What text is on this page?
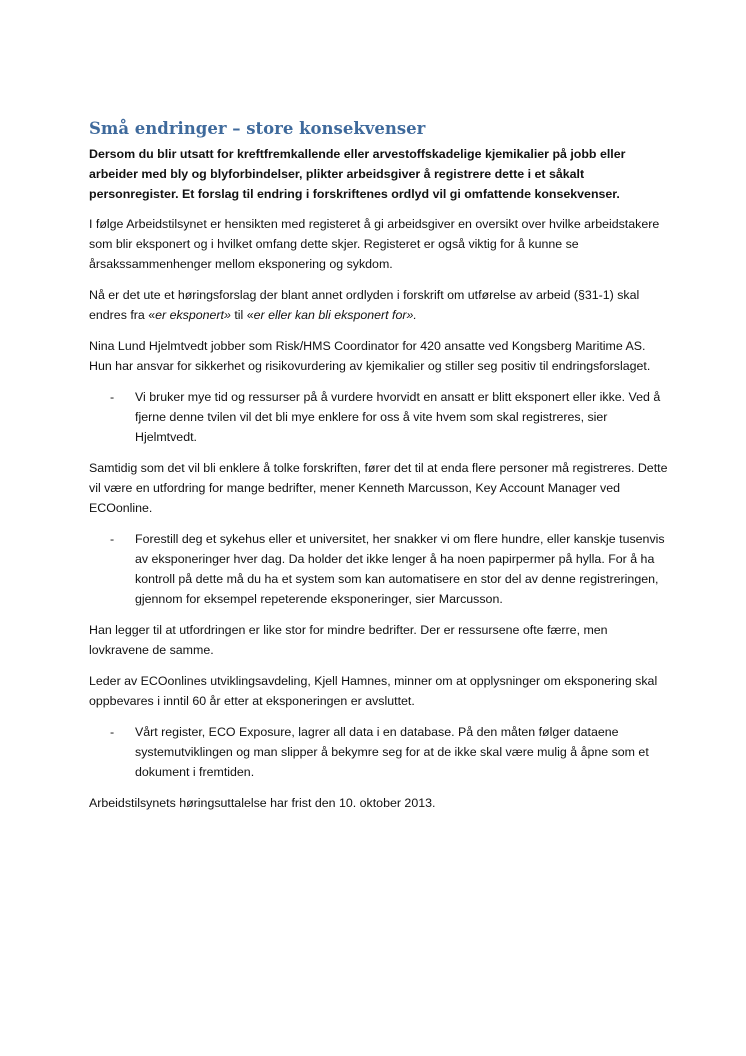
Små endringer – store konsekvenser

Dersom du blir utsatt for kreftfremkallende eller arvestoffskadelige kjemikalier på jobb eller arbeider med bly og blyforbindelser, plikter arbeidsgiver å registrere dette i et såkalt personregister. Et forslag til endring i forskriftenes ordlyd vil gi omfattende konsekvenser.

I følge Arbeidstilsynet er hensikten med registeret å gi arbeidsgiver en oversikt over hvilke arbeidstakere som blir eksponert og i hvilket omfang dette skjer. Registeret er også viktig for å kunne se årsakssammenhenger mellom eksponering og sykdom.

Nå er det ute et høringsforslag der blant annet ordlyden i forskrift om utførelse av arbeid (§31-1) skal endres fra «er eksponert» til «er eller kan bli eksponert for».

Nina Lund Hjelmtvedt jobber som Risk/HMS Coordinator for 420 ansatte ved Kongsberg Maritime AS. Hun har ansvar for sikkerhet og risikovurdering av kjemikalier og stiller seg positiv til endringsforslaget.

- Vi bruker mye tid og ressurser på å vurdere hvorvidt en ansatt er blitt eksponert eller ikke. Ved å fjerne denne tvilen vil det bli mye enklere for oss å vite hvem som skal registreres, sier Hjelmtvedt.

Samtidig som det vil bli enklere å tolke forskriften, fører det til at enda flere personer må registreres. Dette vil være en utfordring for mange bedrifter, mener Kenneth Marcusson, Key Account Manager ved ECOonline.

- Forestill deg et sykehus eller et universitet, her snakker vi om flere hundre, eller kanskje tusenvis av eksponeringer hver dag. Da holder det ikke lenger å ha noen papirpermer på hylla. For å ha kontroll på dette må du ha et system som kan automatisere en stor del av denne registreringen, gjennom for eksempel repeterende eksponeringer, sier Marcusson.

Han legger til at utfordringen er like stor for mindre bedrifter. Der er ressursene ofte færre, men lovkravene de samme.

Leder av ECOonlines utviklingsavdeling, Kjell Hamnes, minner om at opplysninger om eksponering skal oppbevares i inntil 60 år etter at eksponeringen er avsluttet.

- Vårt register, ECO Exposure, lagrer all data i en database. På den måten følger dataene systemutviklingen og man slipper å bekymre seg for at de ikke skal være mulig å åpne som et dokument i fremtiden.

Arbeidstilsynets høringsuttalelse har frist den 10. oktober 2013.
